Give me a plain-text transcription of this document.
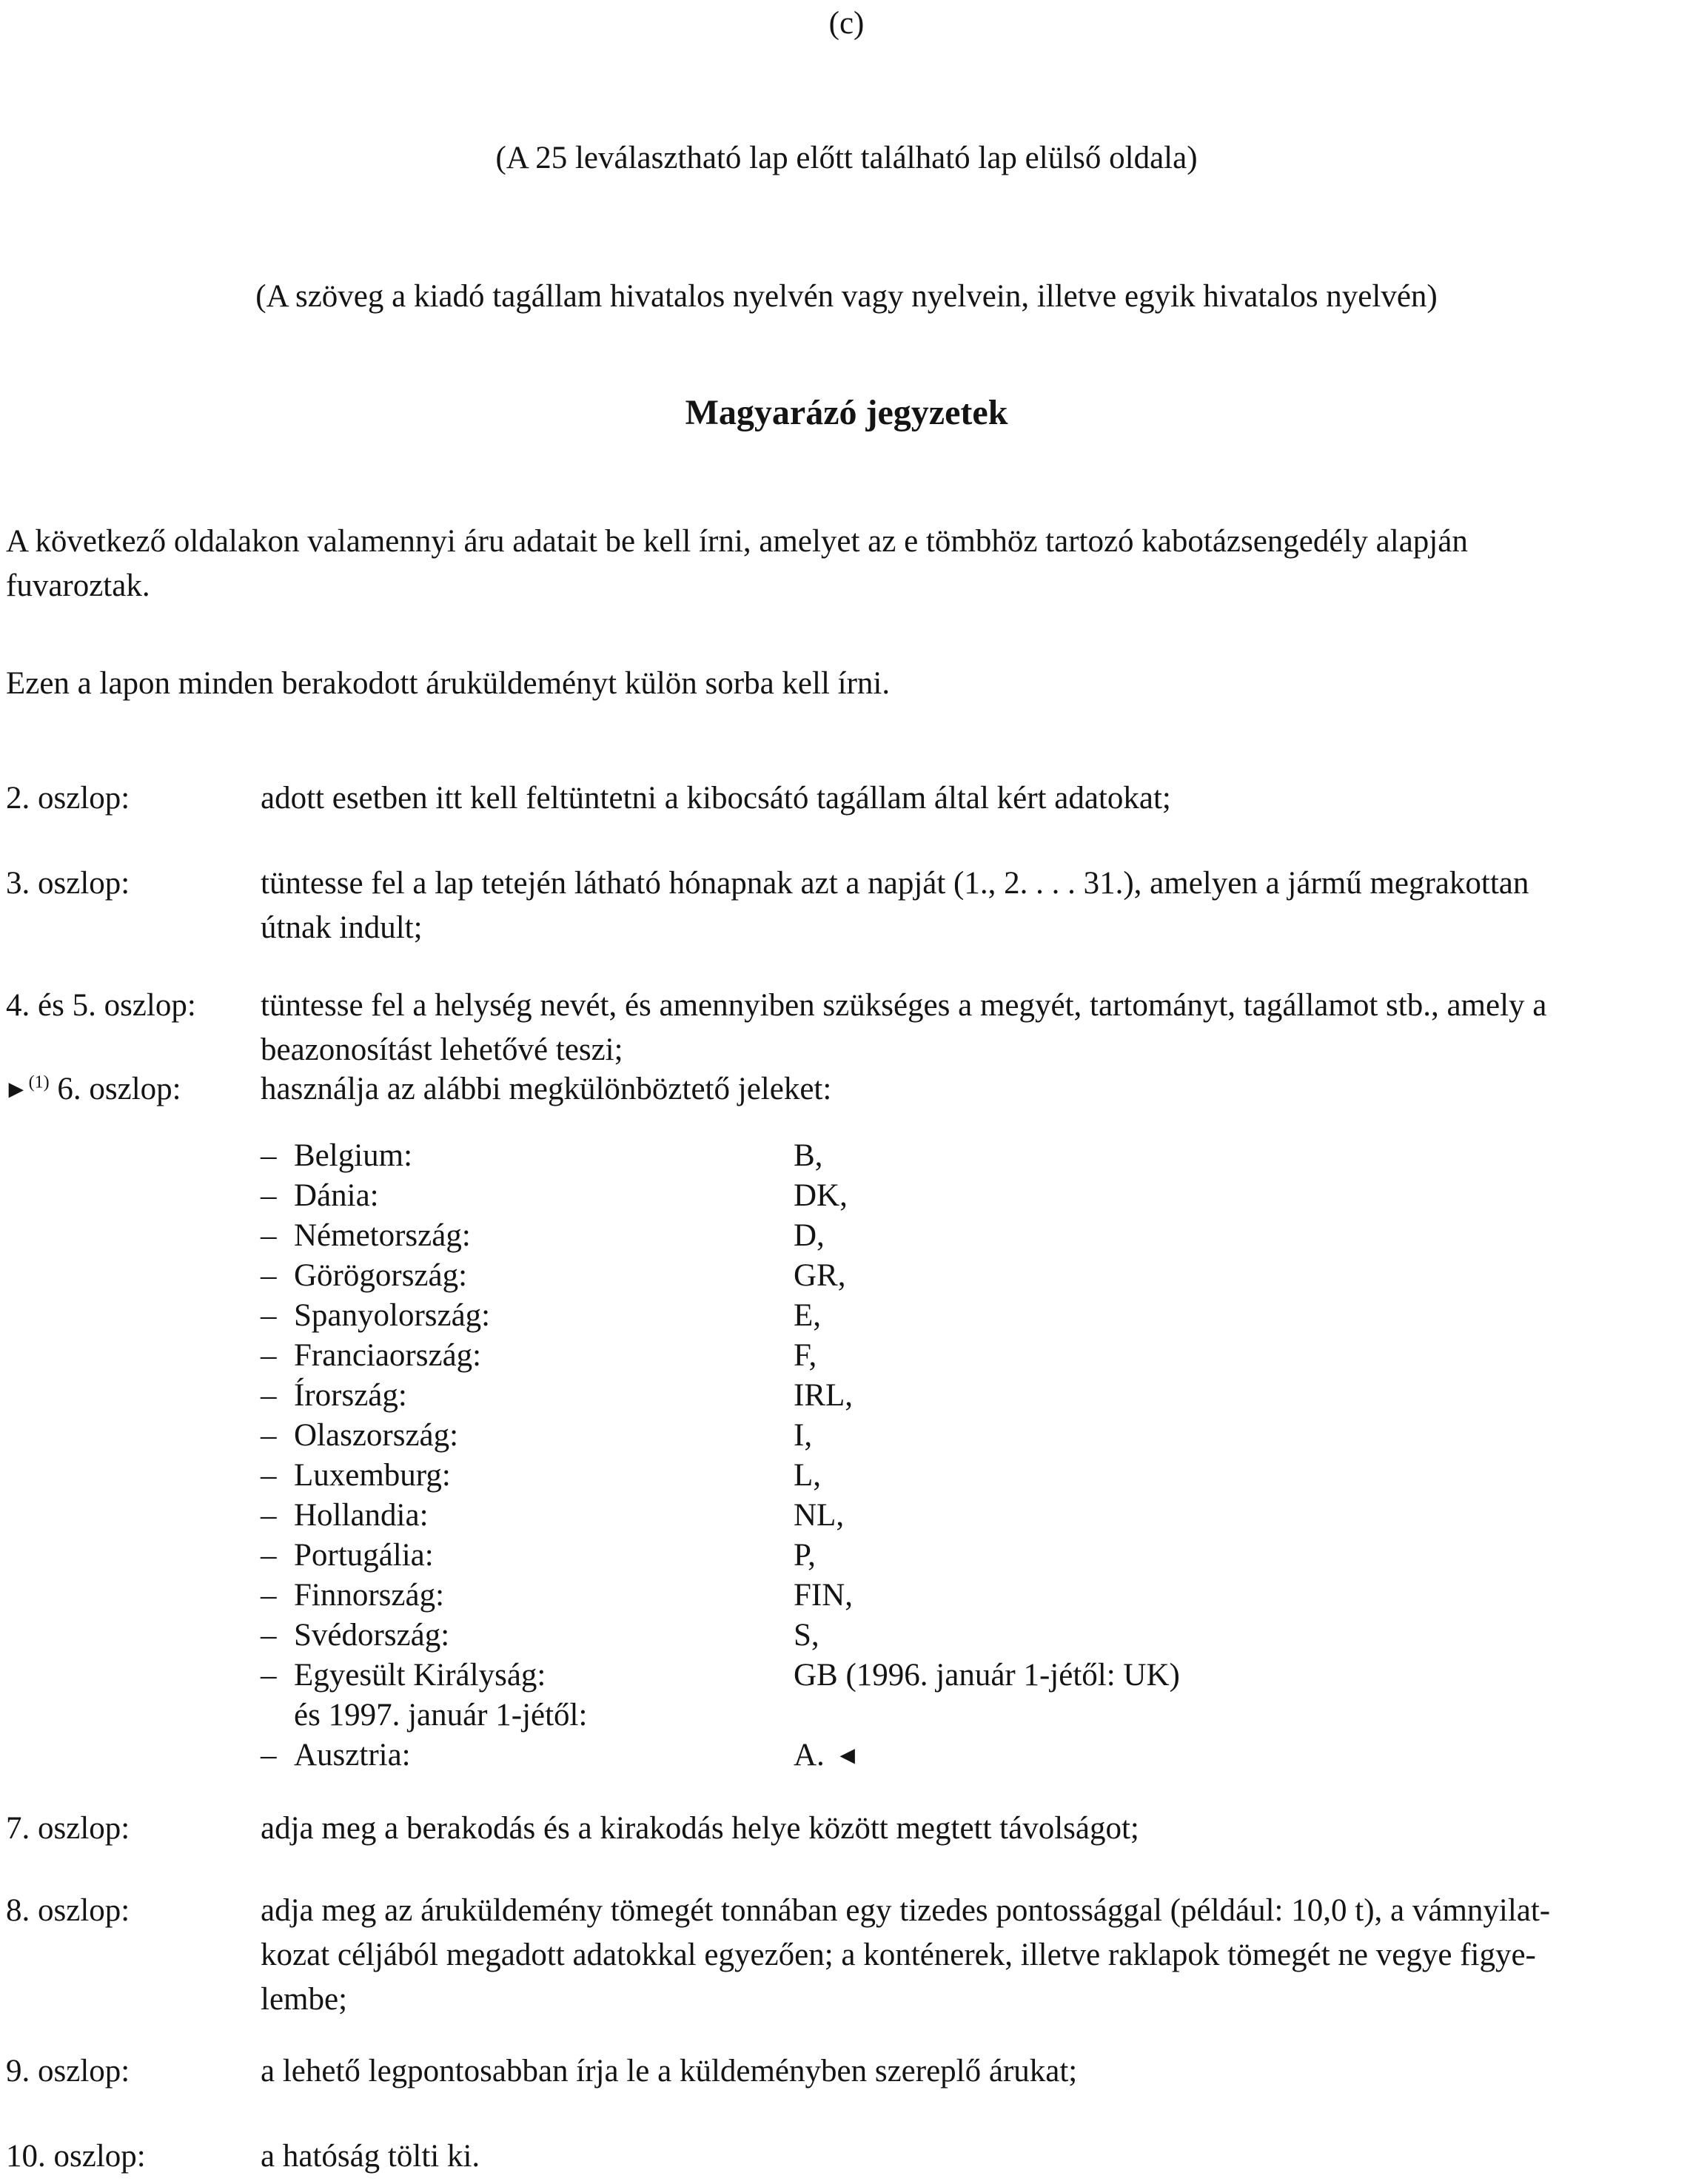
(c)
(A 25 leválasztható lap előtt található lap elülső oldala)
(A szöveg a kiadó tagállam hivatalos nyelvén vagy nyelvein, illetve egyik hivatalos nyelvén)
Magyarázó jegyzetek
A következő oldalakon valamennyi áru adatait be kell írni, amelyet az e tömbhöz tartozó kabotázsengedély alapján
fuvaroztak.
Ezen a lapon minden berakodott áruküldeményt külön sorba kell írni.
2. oszlop:	adott esetben itt kell feltüntetni a kibocsátó tagállam által kért adatokat;
3. oszlop:	tüntesse fel a lap tetején látható hónapnak azt a napját (1., 2. . . . 31.), amelyen a jármű megrakottan
útnak indult;
4. és 5. oszlop: tüntesse fel a helység nevét, és amennyiben szükséges a megyét, tartományt, tagállamot stb., amely a
beazonosítást lehetővé teszi;
►$^{(1)}$ 6. oszlop: használja az alábbi megkülönböztető jeleket:
– Belgium:	B,
– Dánia:	DK,
– Németország:	D,
– Görögország:	GR,
– Spanyolország:	E,
– Franciaország:	F,
– Írország:	IRL,
– Olaszország:	I,
– Luxemburg:	L,
– Hollandia:	NL,
– Portugália:	P,
– Finnország:	FIN,
– Svédország:	S,
– Egyesült Királyság:	GB (1996. január 1-jétől: UK)
és 1997. január 1-jétől:
– Ausztria:	A. ◄
7. oszlop:	adja meg a berakodás és a kirakodás helye között megtett távolságot;
8. oszlop:	adja meg az áruküldemény tömegét tonnában egy tizedes pontossággal (például: 10,0 t), a vámnyilat-
kozat céljából megadott adatokkal egyezően; a konténerek, illetve raklapok tömegét ne vegye figye-
lembe;
9. oszlop:	a lehető legpontosabban írja le a küldeményben szereplő árukat;
10. oszlop:	a hatóság tölti ki.
